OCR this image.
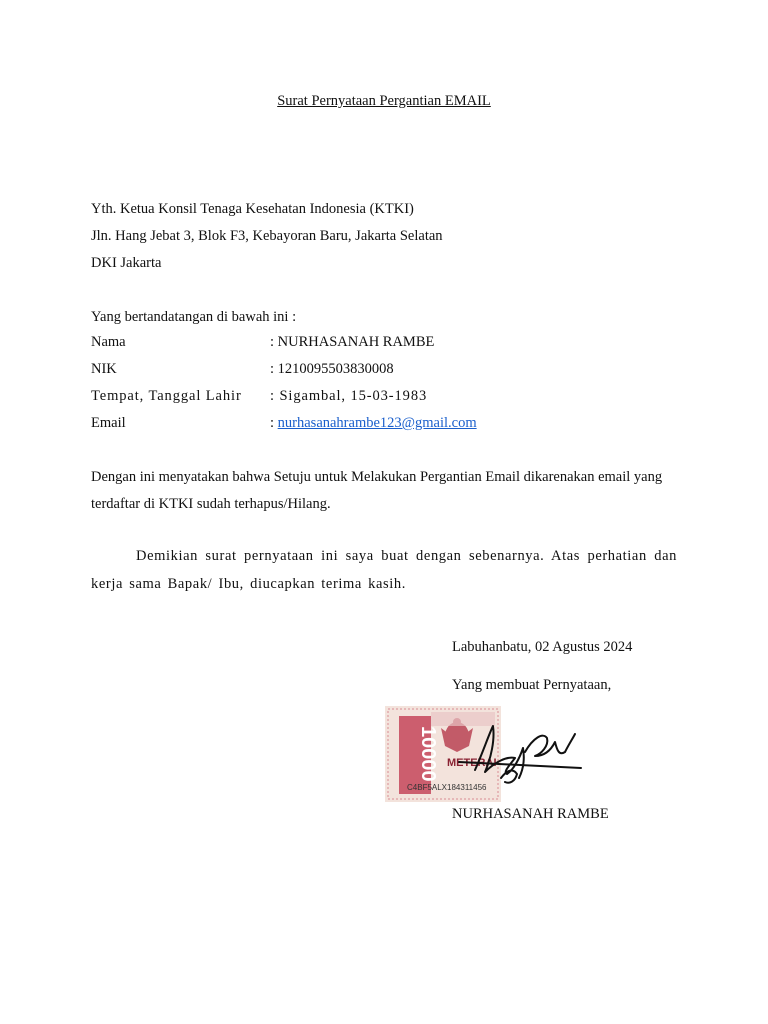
Surat Pernyataan Pergantian EMAIL
Yth. Ketua Konsil Tenaga Kesehatan Indonesia (KTKI)
Jln. Hang Jebat 3, Blok F3, Kebayoran Baru, Jakarta Selatan
DKI Jakarta
Yang bertandatangan di bawah ini :
Nama	: NURHASANAH RAMBE
NIK	: 1210095503830008
Tempat, Tanggal Lahir : Sigambal, 15-03-1983
Email	: nurhasanahrambe123@gmail.com
Dengan ini menyatakan bahwa Setuju untuk Melakukan Pergantian Email dikarenakan email yang terdaftar di KTKI sudah terhapus/Hilang.
Demikian surat pernyataan ini saya buat dengan sebenarnya. Atas perhatian dan kerja sama Bapak/ Ibu, diucapkan terima kasih.
Labuhanbatu, 02 Agustus 2024
Yang membuat Pernyataan,
10000 METERAI
C4BF5ALX184311456
NURHASANAH RAMBE
